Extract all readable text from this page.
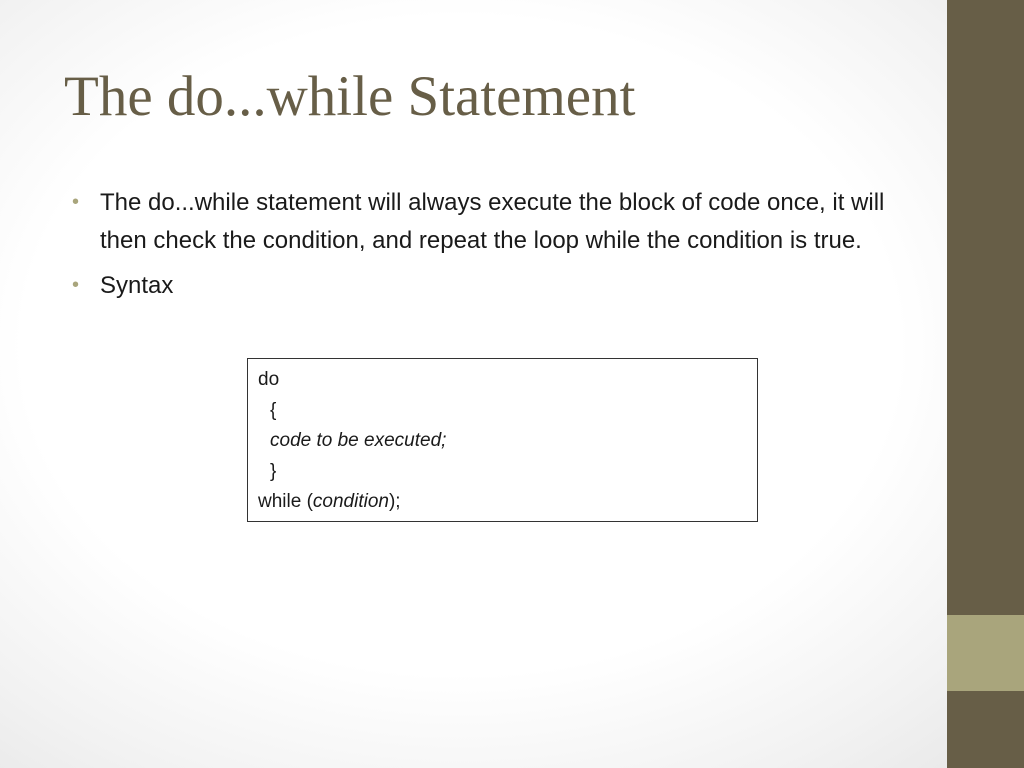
The do...while Statement
• The do...while statement will always execute the block of code once, it will then check the condition, and repeat the loop while the condition is true.
• Syntax
do
{
code to be executed;
}
while (condition);
